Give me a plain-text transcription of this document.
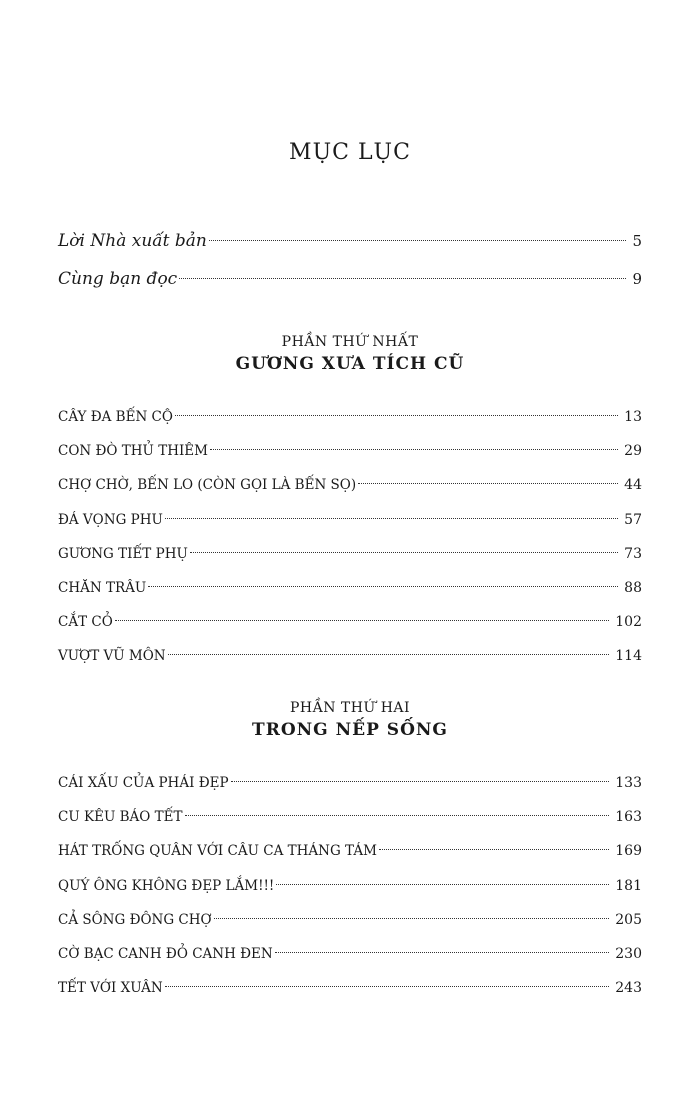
MỤC LỤC
Lời Nhà xuất bản	5
Cùng bạn đọc	9
PHẦN THỨ NHẤT
GƯƠNG XƯA TÍCH CŨ
CÂY ĐA BẾN CỘ	13
CON ĐÒ THỦ THIÊM	29
CHỢ CHỜ, BẾN LO (CÒN GỌI LÀ BẾN SỌ)	44
ĐÁ VỌNG PHU	57
GƯƠNG TIẾT PHỤ	73
CHĂN TRÂU	88
CẮT CỎ	102
VƯỢT VŨ MÔN	114
PHẦN THỨ HAI
TRONG NẾP SỐNG
CÁI XẤU CỦA PHÁI ĐẸP	133
CU KÊU BÁO TẾT	163
HÁT TRỐNG QUÂN VỚI CÂU CA THÁNG TÁM	169
QUÝ ÔNG KHÔNG ĐẸP LẮM!!!	181
CẢ SÔNG ĐÔNG CHỢ	205
CỜ BẠC CANH ĐỎ CANH ĐEN	230
TẾT VỚI XUÂN	243
